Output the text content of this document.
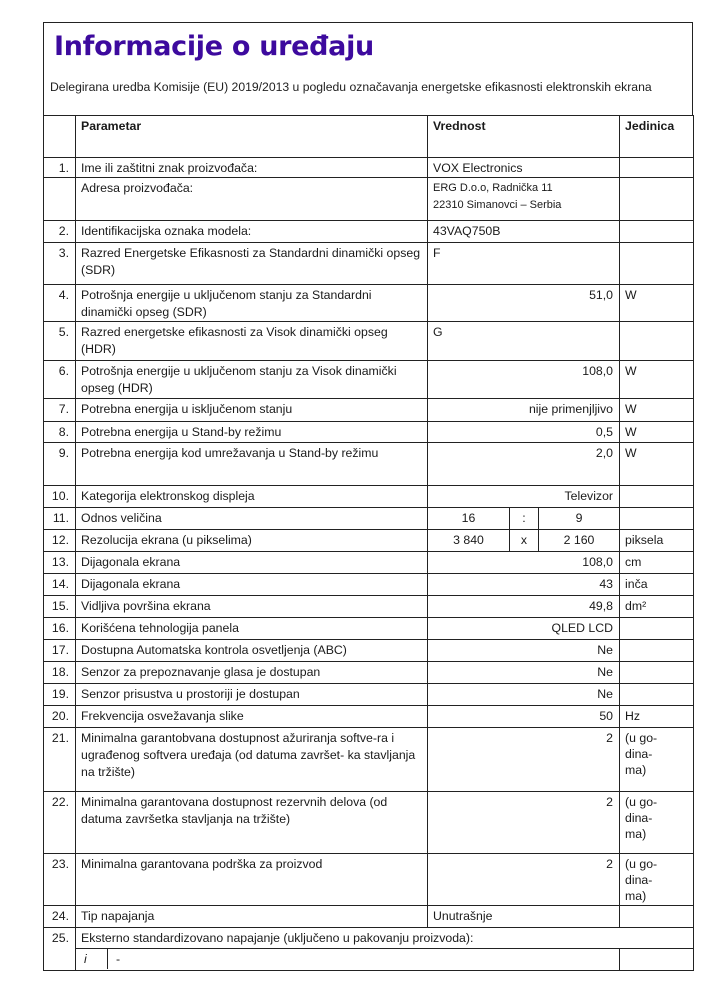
Informacije o uređaju
Delegirana uredba Komisije (EU) 2019/2013 u pogledu označavanja energetske efikasnosti elektronskih ekrana
	Parametar	Vrednost			Jedinica
1.	Ime ili zaštitni znak proizvođača:	VOX Electronics			
	Adresa proizvođača:	ERG D.o.o, Radnička 11
22310 Simanovci – Serbia			

2.	Identifikacijska oznaka modela:	43VAQ750B			
3.	Razred Energetske Efikasnosti za Standardni dinamički opseg (SDR)	F			
4.	Potrošnja energije u uključenom stanju za Standardni dinamički opseg (SDR)	51,0			W
5.	Razred energetske efikasnosti za Visok dinamički opseg (HDR)	G			
6.	Potrošnja energije u uključenom stanju za Visok dinamički opseg (HDR)	108,0			W
7.	Potrebna energija u isključenom stanju	nije primenjljivo			W
8.	Potrebna energija u Stand-by režimu	0,5			W
9.	Potrebna energija kod umrežavanja u Stand-by režimu	2,0			W
10.	Kategorija elektronskog displeja	Televizor			
11.	Odnos veličina	16	:	9	
12.	Rezolucija ekrana (u pikselima)	3 840	x	2 160	piksela
13.	Dijagonala ekrana	108,0			cm
14.	Dijagonala ekrana	43			inča
15.	Vidljiva površina ekrana	49,8			dm²
16.	Korišćena tehnologija panela	QLED LCD			
17.	Dostupna Automatska kontrola osvetljenja (ABC)	Ne			
18.	Senzor za prepoznavanje glasa je dostupan	Ne			
19.	Senzor prisustva u prostoriji je dostupan	Ne			
20.	Frekvencija osvežavanja slike	50			Hz
21.	Minimalna garantobvana dostupnost ažuriranja softve-ra i ugrađenog softvera uređaja (od datuma završet- ka stavljanja na tržište)	2			(u go-
dina-
ma)

22.	Minimalna garantovana dostupnost rezervnih delova (od datuma završetka stavljanja na tržište)	2			(u go-
dina-
ma)

23.	Minimalna garantovana podrška za proizvod	2			(u go-
dina-
ma)

24.	Tip napajanja	Unutrašnje			
25.	Eksterno standardizovano napajanje (uključeno u pakovanju proizvoda):				

	i -				
